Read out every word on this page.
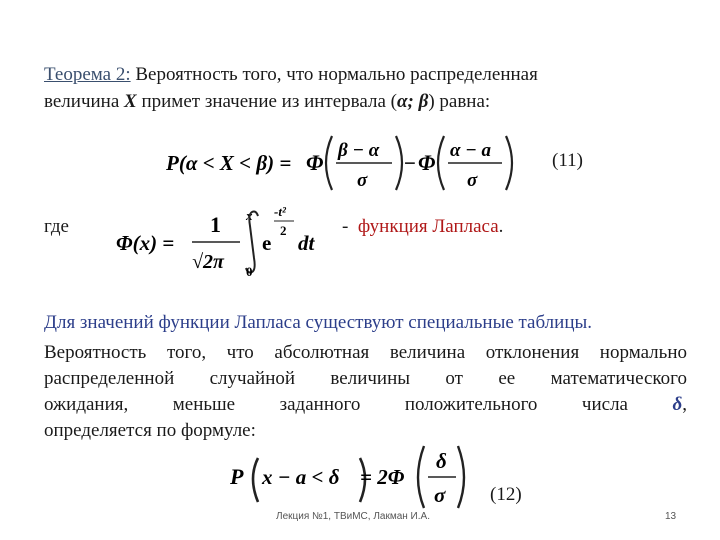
Теорема 2: Вероятность того, что нормально распределенная
величина X примет значение из интервала (α; β) равна:
P(α < X < β) = Φ β − α
σ
− Φ α − a
σ
(11)
где
Φ(x) =
1
√2π
x
0
e
-t²
2
dt
- функция Лапласа.
Для значений функции Лапласа существуют специальные таблицы.
Вероятность того, что абсолютная величина отклонения нормально
распределенной случайной величины от ее математического
ожидания, меньше заданного положительного числа δ,
определяется по формуле:
P x − a < δ = 2Φ
δ
σ (12)
Лекция №1, ТВиМС, Лакман И.А.	13
